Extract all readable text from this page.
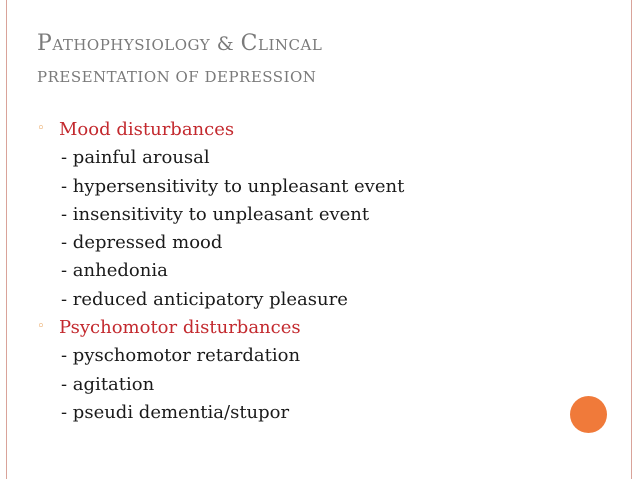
PATHOPHYSIOLOGY & CLINCAL
PRESENTATION OF DEPRESSION
◦ Mood disturbances
- painful arousal
- hypersensitivity to unpleasant event
- insensitivity to unpleasant event
- depressed mood
- anhedonia
- reduced anticipatory pleasure
◦ Psychomotor disturbances
- pyschomotor retardation
- agitation
- pseudi dementia/stupor
